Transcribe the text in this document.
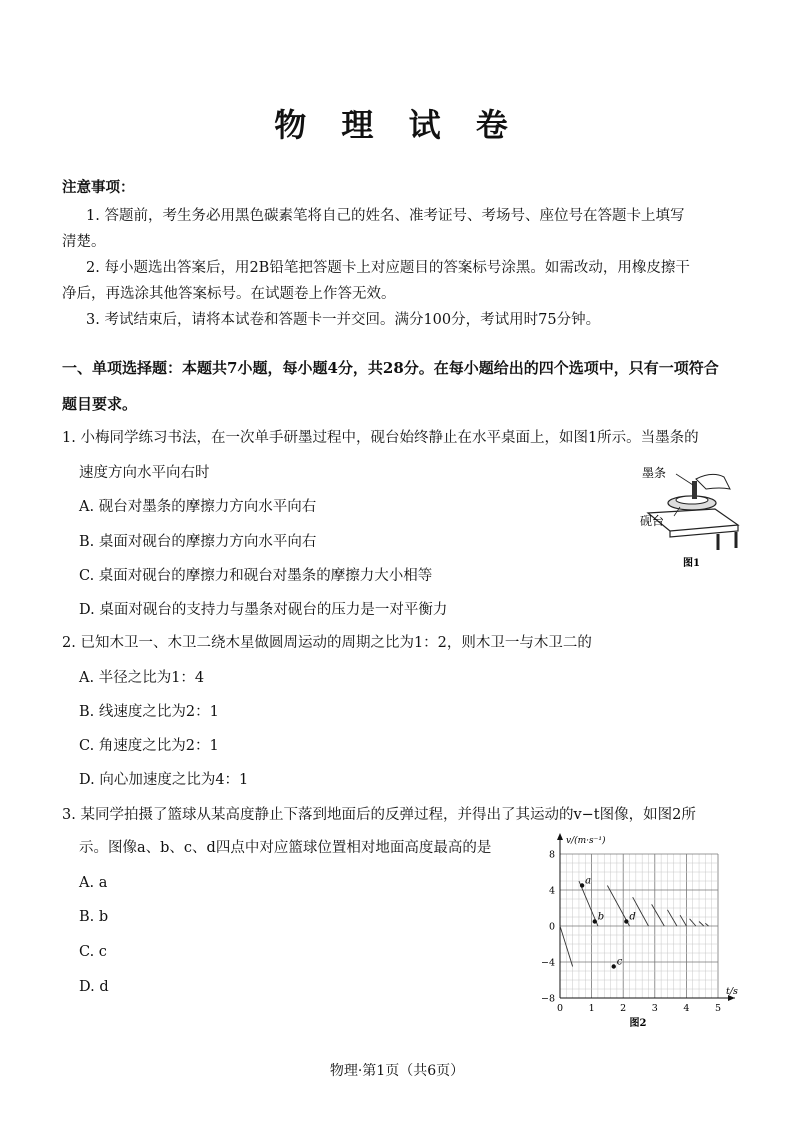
物 理 试 卷
注意事项：
1. 答题前，考生务必用黑色碳素笔将自己的姓名、准考证号、考场号、座位号在答题卡上填写
清楚。
2. 每小题选出答案后，用2B铅笔把答题卡上对应题目的答案标号涂黑。如需改动，用橡皮擦干
净后，再选涂其他答案标号。在试题卷上作答无效。
3. 考试结束后，请将本试卷和答题卡一并交回。满分100分，考试用时75分钟。
一、单项选择题：本题共7小题，每小题4分，共28分。在每小题给出的四个选项中，只有一项符合
题目要求。
1. 小梅同学练习书法，在一次单手研墨过程中，砚台始终静止在水平桌面上，如图1所示。当墨条的
速度方向水平向右时
A. 砚台对墨条的摩擦力方向水平向右
B. 桌面对砚台的摩擦力方向水平向右
C. 桌面对砚台的摩擦力和砚台对墨条的摩擦力大小相等
D. 桌面对砚台的支持力与墨条对砚台的压力是一对平衡力
墨条
砚台
图1
2. 已知木卫一、木卫二绕木星做圆周运动的周期之比为1：2，则木卫一与木卫二的
A. 半径之比为1：4
B. 线速度之比为2：1
C. 角速度之比为2：1
D. 向心加速度之比为4：1
3. 某同学拍摄了篮球从某高度静止下落到地面后的反弹过程，并得出了其运动的v−t图像，如图2所
示。图像a、b、c、d四点中对应篮球位置相对地面高度最高的是
A. a
B. b
C. c
D. d
8
4
0
−4
−8
0	1	2	3	4	5
v/(m·s⁻¹)
t/s
a
b
c
d
图2
物理·第1页（共6页）
